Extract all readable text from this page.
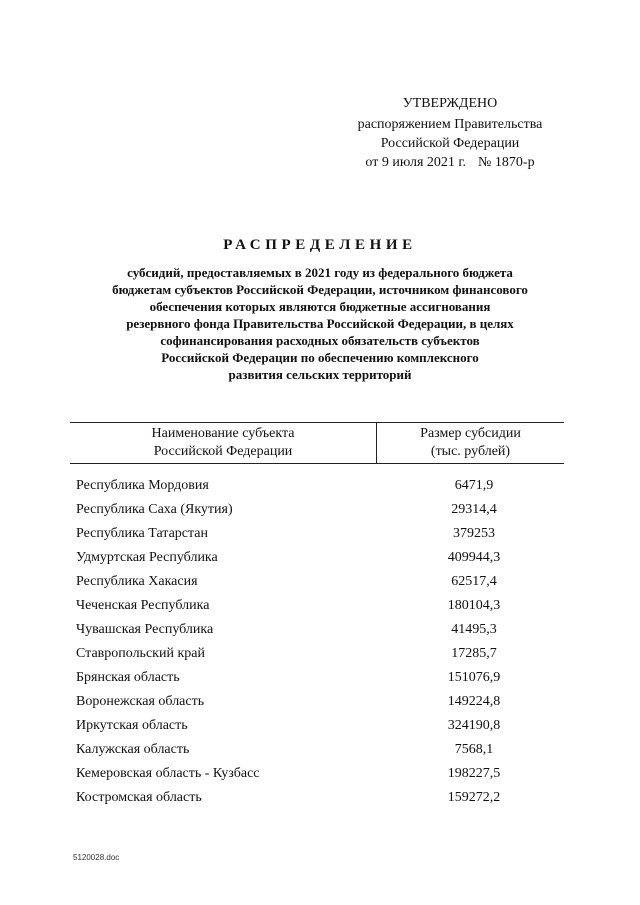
УТВЕРЖДЕНО
распоряжением Правительства
Российской Федерации
от 9 июля 2021 г. № 1870-р
РАСПРЕДЕЛЕНИЕ
субсидий, предоставляемых в 2021 году из федерального бюджета
бюджетам субъектов Российской Федерации, источником финансового
обеспечения которых являются бюджетные ассигнования
резервного фонда Правительства Российской Федерации, в целях
софинансирования расходных обязательств субъектов
Российской Федерации по обеспечению комплексного
развития сельских территорий
Наименование субъекта
Российской Федерации
Размер субсидии
(тыс. рублей)
Республика Мордовия	6471,9
Республика Саха (Якутия)	29314,4
Республика Татарстан	379253
Удмуртская Республика	409944,3
Республика Хакасия	62517,4
Чеченская Республика	180104,3
Чувашская Республика	41495,3
Ставропольский край	17285,7
Брянская область	151076,9
Воронежская область	149224,8
Иркутская область	324190,8
Калужская область	7568,1
Кемеровская область - Кузбасс	198227,5
Костромская область	159272,2
5120028.doc
